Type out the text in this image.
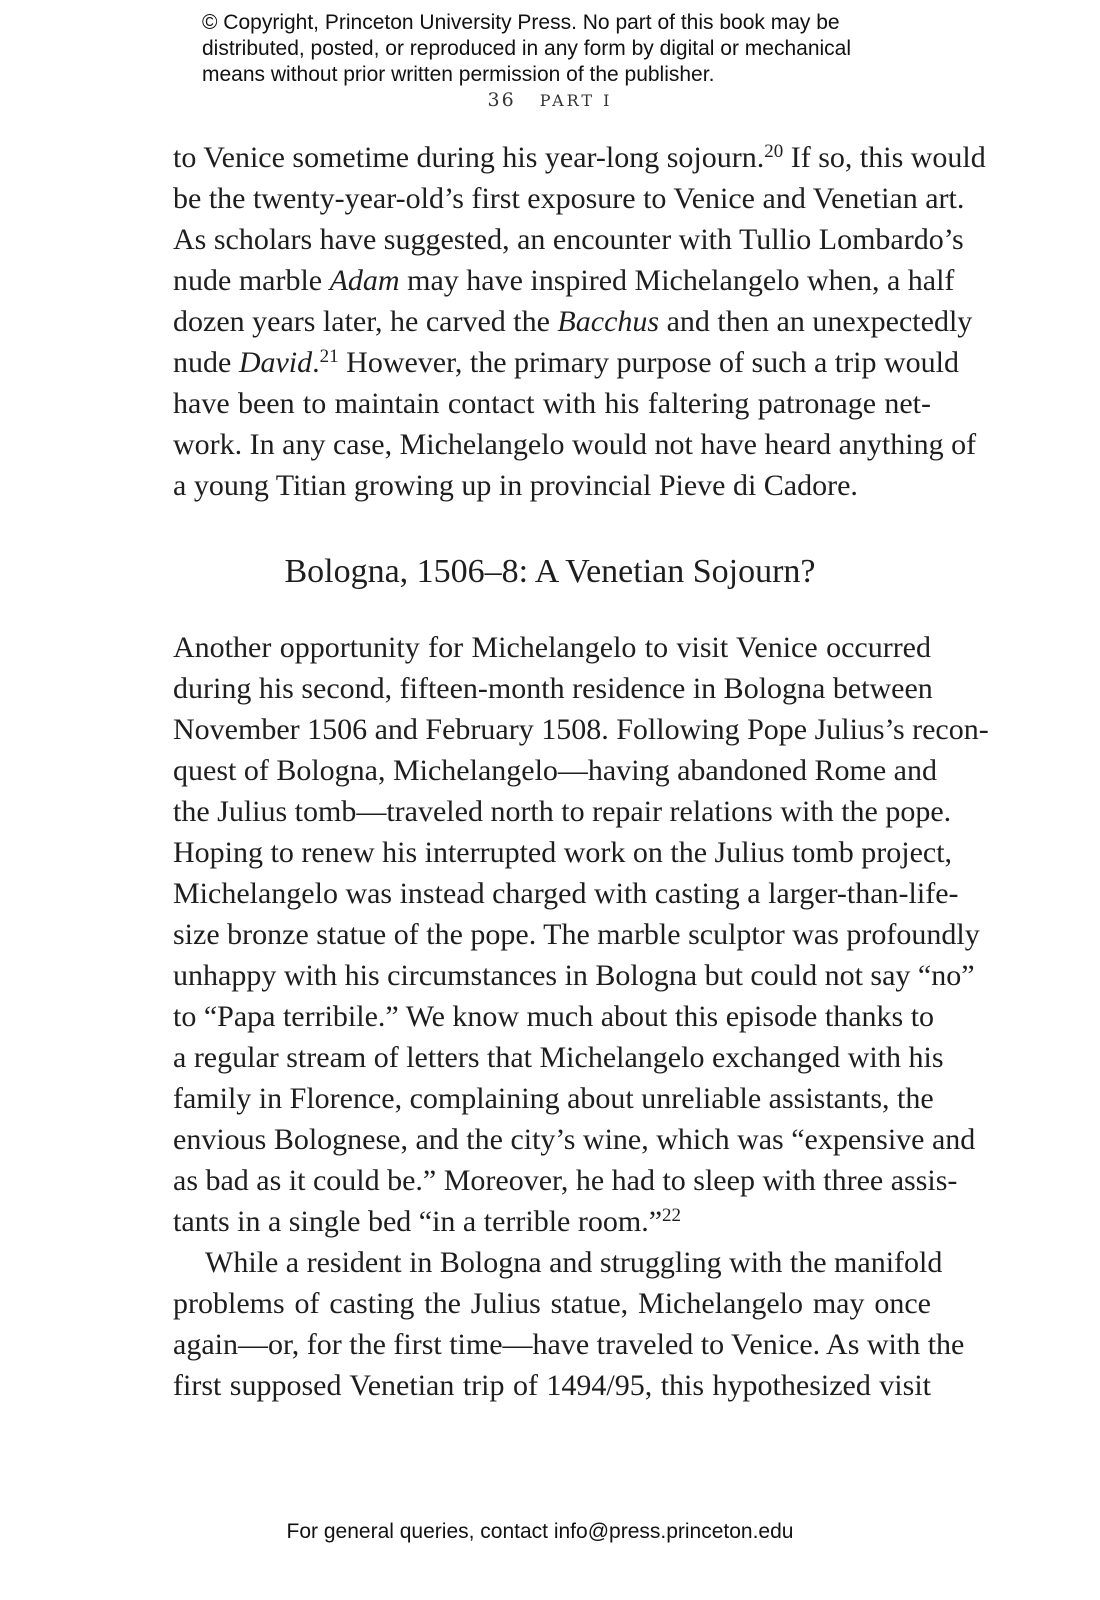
© Copyright, Princeton University Press. No part of this book may be
distributed, posted, or reproduced in any form by digital or mechanical
means without prior written permission of the publisher.
36 PART I
to Venice sometime during his year-long sojourn.$^{20}$ If so, this would
be the twenty-year-old’s first exposure to Venice and Venetian art.
As scholars have suggested, an encounter with Tullio Lombardo’s
nude marble Adam may have inspired Michelangelo when, a half
dozen years later, he carved the Bacchus and then an unexpectedly
nude David.$^{21}$ However, the primary purpose of such a trip would
have been to maintain contact with his faltering patronage net-
work. In any case, Michelangelo would not have heard anything of
a young Titian growing up in provincial Pieve di Cadore.
Bologna, 1506–8: A Venetian Sojourn?
Another opportunity for Michelangelo to visit Venice occurred
during his second, fifteen-month residence in Bologna between
November 1506 and February 1508. Following Pope Julius’s recon-
quest of Bologna, Michelangelo—having abandoned Rome and
the Julius tomb—traveled north to repair relations with the pope.
Hoping to renew his interrupted work on the Julius tomb project,
Michelangelo was instead charged with casting a larger-than-life-
size bronze statue of the pope. The marble sculptor was profoundly
unhappy with his circumstances in Bologna but could not say “no”
to “Papa terribile.” We know much about this episode thanks to
a regular stream of letters that Michelangelo exchanged with his
family in Florence, complaining about unreliable assistants, the
envious Bolognese, and the city’s wine, which was “expensive and
as bad as it could be.” Moreover, he had to sleep with three assis-
tants in a single bed “in a terrible room.”$^{22}$
While a resident in Bologna and struggling with the manifold
problems of casting the Julius statue, Michelangelo may once
again—or, for the first time—have traveled to Venice. As with the
first supposed Venetian trip of 1494/95, this hypothesized visit

For general queries, contact info@press.princeton.edu
